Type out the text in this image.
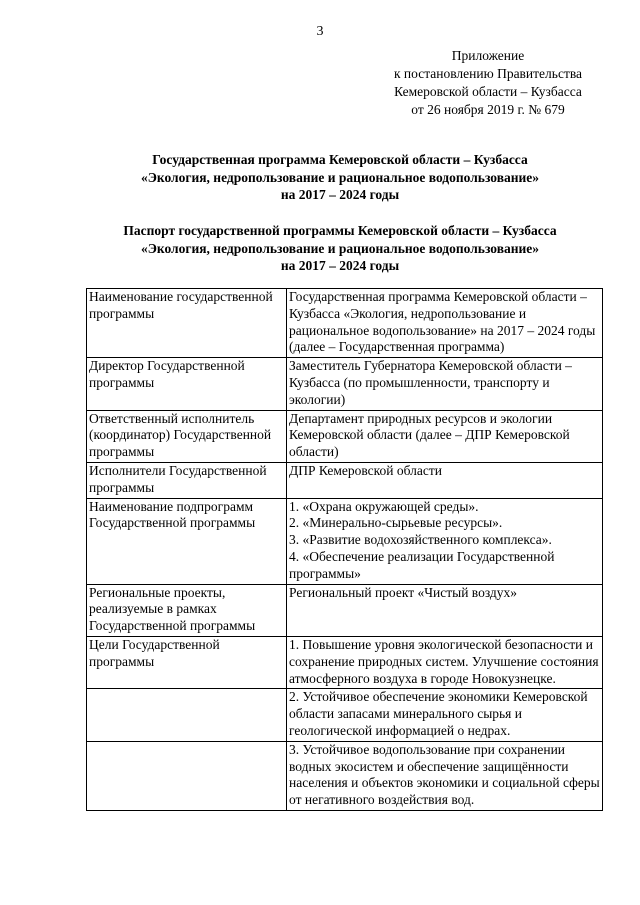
3
Приложение
к постановлению Правительства
Кемеровской области – Кузбасса
от 26 ноября 2019 г. № 679
Государственная программа Кемеровской области – Кузбасса
«Экология, недропользование и рациональное водопользование»
на 2017 – 2024 годы
Паспорт государственной программы Кемеровской области – Кузбасса
«Экология, недропользование и рациональное водопользование»
на 2017 – 2024 годы
Наименование государственной программы	Государственная программа Кемеровской области – Кузбасса «Экология, недропользование и рациональное водопользование» на 2017 – 2024 годы (далее – Государственная программа)
Директор Государственной программы	Заместитель Губернатора Кемеровской области – Кузбасса (по промышленности, транспорту и экологии)
Ответственный исполнитель (координатор) Государственной программы	Департамент природных ресурсов и экологии Кемеровской области (далее – ДПР Кемеровской области)
Исполнители Государственной программы	ДПР Кемеровской области
Наименование подпрограмм Государственной программы	1. «Охрана окружающей среды».
2. «Минерально-сырьевые ресурсы».
3. «Развитие водохозяйственного комплекса».
4. «Обеспечение реализации Государственной программы»

Региональные проекты, реализуемые в рамках Государственной программы	Региональный проект «Чистый воздух»
Цели Государственной программы	1. Повышение уровня экологической безопасности и сохранение природных систем. Улучшение состояния атмосферного воздуха в городе Новокузнецке.
	2. Устойчивое обеспечение экономики Кемеровской области запасами минерального сырья и геологической информацией о недрах.
	3. Устойчивое водопользование при сохранении водных экосистем и обеспечение защищённости населения и объектов экономики и социальной сферы от негативного воздействия вод.
